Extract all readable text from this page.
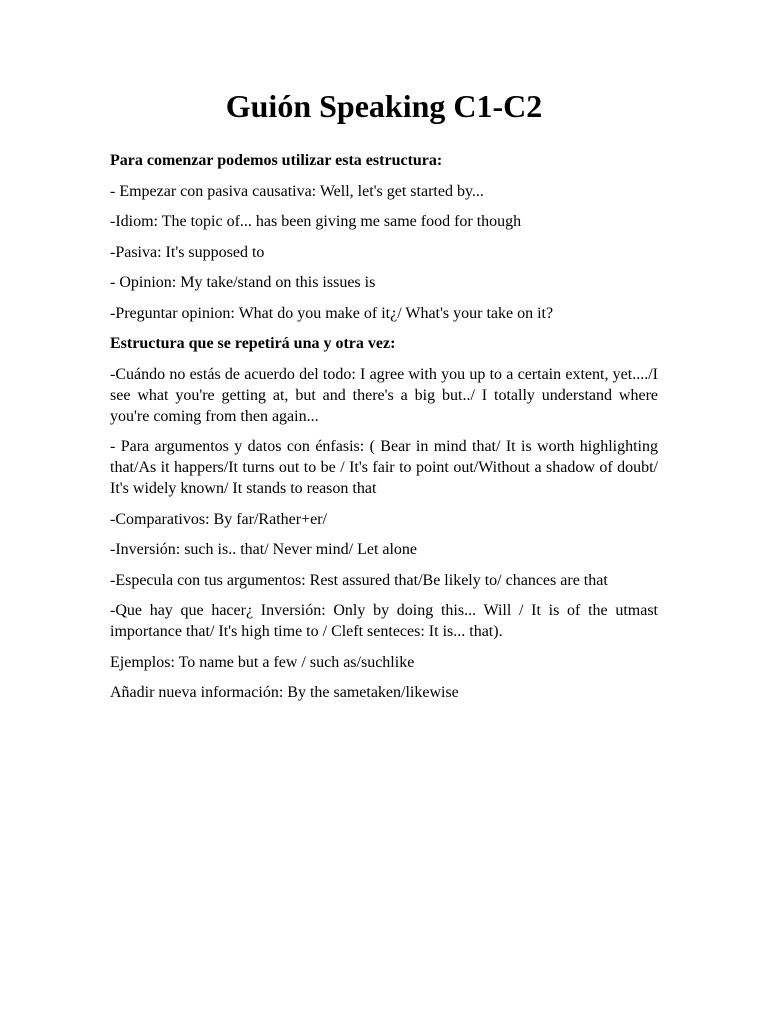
Guión Speaking C1-C2

Para comenzar podemos utilizar esta estructura:

- Empezar con pasiva causativa: Well, let's get started by...

-Idiom: The topic of... has been giving me same food for though

-Pasiva: It's supposed to

- Opinion: My take/stand on this issues is

-Preguntar opinion: What do you make of it¿/ What's your take on it?

Estructura que se repetirá una y otra vez:

-Cuándo no estás de acuerdo del todo: I agree with you up to a certain extent, yet..../I see what you're getting at, but and there's a big but../ I totally understand where you're coming from then again...

- Para argumentos y datos con énfasis: ( Bear in mind that/ It is worth highlighting that/As it happers/It turns out to be / It's fair to point out/Without a shadow of doubt/ It's widely known/ It stands to reason that

-Comparativos: By far/Rather+er/

-Inversión: such is.. that/ Never mind/ Let alone

-Especula con tus argumentos: Rest assured that/Be likely to/ chances are that

-Que hay que hacer¿ Inversión: Only by doing this... Will / It is of the utmast importance that/ It's high time to / Cleft senteces: It is... that).

Ejemplos: To name but a few / such as/suchlike

Añadir nueva información: By the sametaken/likewise
